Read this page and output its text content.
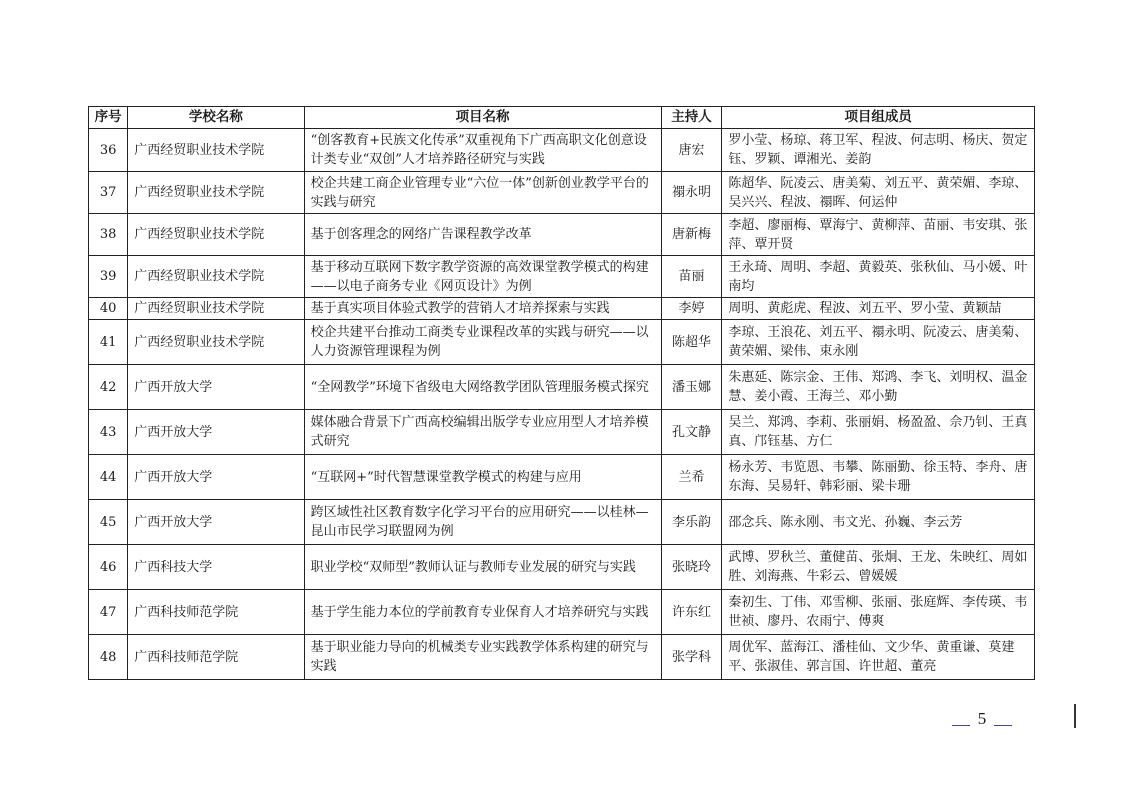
序号	学校名称	项目名称	主持人	项目组成员
36	广西经贸职业技术学院	“创客教育+民族文化传承”双重视角下广西高职文化创意设计类专业“双创”人才培养路径研究与实践	唐宏	罗小莹、杨琼、蒋卫军、程波、何志明、杨庆、贺定钰、罗颖、谭湘光、姜韵
37	广西经贸职业技术学院	校企共建工商企业管理专业“六位一体”创新创业教学平台的实践与研究	禤永明	陈超华、阮凌云、唐美菊、刘五平、黄荣媚、李琼、吴兴兴、程波、禤晖、何运仲
38	广西经贸职业技术学院	基于创客理念的网络广告课程教学改革	唐新梅	李超、廖丽梅、覃海宁、黄柳萍、苗丽、韦安琪、张萍、覃开贤
39	广西经贸职业技术学院	基于移动互联网下数字教学资源的高效课堂教学模式的构建——以电子商务专业《网页设计》为例	苗丽	王永琦、周明、李超、黄毅英、张秋仙、马小媛、叶南均
40	广西经贸职业技术学院	基于真实项目体验式教学的营销人才培养探索与实践	李婷	周明、黄彪虎、程波、刘五平、罗小莹、黄颖喆
41	广西经贸职业技术学院	校企共建平台推动工商类专业课程改革的实践与研究——以人力资源管理课程为例	陈超华	李琼、王浪花、刘五平、禤永明、阮凌云、唐美菊、黄荣媚、梁伟、束永刚
42	广西开放大学	“全网教学”环境下省级电大网络教学团队管理服务模式探究	潘玉娜	朱惠延、陈宗金、王伟、郑鸿、李飞、刘明权、温金慧、姜小霞、王海兰、邓小勤
43	广西开放大学	媒体融合背景下广西高校编辑出版学专业应用型人才培养模式研究	孔文静	吴兰、郑鸿、李莉、张丽娟、杨盈盈、佘乃钊、王真真、邝钰基、方仁
44	广西开放大学	“互联网+”时代智慧课堂教学模式的构建与应用	兰希	杨永芳、韦览恩、韦攀、陈丽勤、徐玉特、李舟、唐东海、吴易轩、韩彩丽、梁卡珊
45	广西开放大学	跨区域性社区教育数字化学习平台的应用研究——以桂林—昆山市民学习联盟网为例	李乐韵	邵念兵、陈永刚、韦文光、孙巍、李云芳
46	广西科技大学	职业学校“双师型”教师认证与教师专业发展的研究与实践	张晓玲	武博、罗秋兰、董健苗、张炯、王龙、朱映红、周如胜、刘海燕、牛彩云、曾媛媛
47	广西科技师范学院	基于学生能力本位的学前教育专业保育人才培养研究与实践	许东红	秦初生、丁伟、邓雪柳、张丽、张庭辉、李传瑛、韦世祯、廖丹、农雨宁、傅爽
48	广西科技师范学院	基于职业能力导向的机械类专业实践教学体系构建的研究与实践	张学科	周优军、蓝海江、潘桂仙、文少华、黄重谦、莫建平、张淑佳、郭言国、许世超、董亮
5
